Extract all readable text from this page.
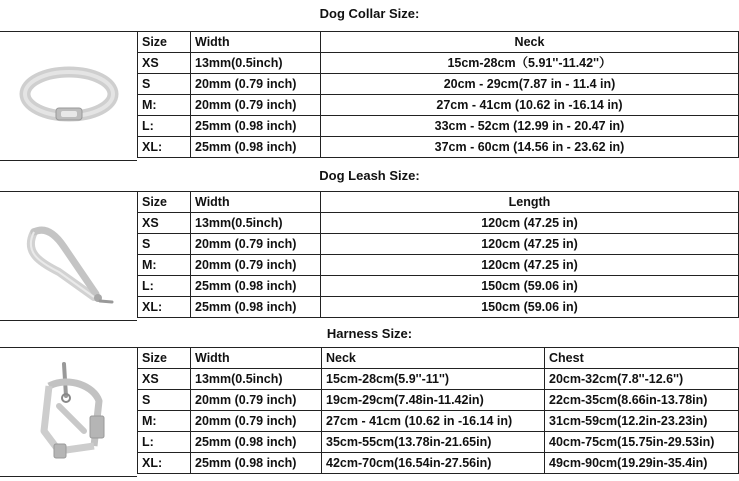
Dog Collar Size:
Size	Width	Neck
XS	13mm(0.5inch)	15cm-28cm（5.91''-11.42''）
S	20mm (0.79 inch)	20cm - 29cm(7.87 in - 11.4 in)
M:	20mm (0.79 inch)	27cm - 41cm (10.62 in -16.14 in)
L:	25mm (0.98 inch)	33cm - 52cm (12.99 in - 20.47 in)
XL:	25mm (0.98 inch)	37cm - 60cm (14.56 in - 23.62 in)
Dog Leash Size:
Size	Width	Length
XS	13mm(0.5inch)	120cm (47.25 in)
S	20mm (0.79 inch)	120cm (47.25 in)
M:	20mm (0.79 inch)	120cm (47.25 in)
L:	25mm (0.98 inch)	150cm (59.06 in)
XL:	25mm (0.98 inch)	150cm (59.06 in)
Harness Size:
Size	Width	Neck	Chest
XS	13mm(0.5inch)	15cm-28cm(5.9''-11'')	20cm-32cm(7.8''-12.6'')
S	20mm (0.79 inch)	19cm-29cm(7.48in-11.42in)	22cm-35cm(8.66in-13.78in)
M:	20mm (0.79 inch)	27cm - 41cm (10.62 in -16.14 in)	31cm-59cm(12.2in-23.23in)
L:	25mm (0.98 inch)	35cm-55cm(13.78in-21.65in)	40cm-75cm(15.75in-29.53in)
XL:	25mm (0.98 inch)	42cm-70cm(16.54in-27.56in)	49cm-90cm(19.29in-35.4in)
